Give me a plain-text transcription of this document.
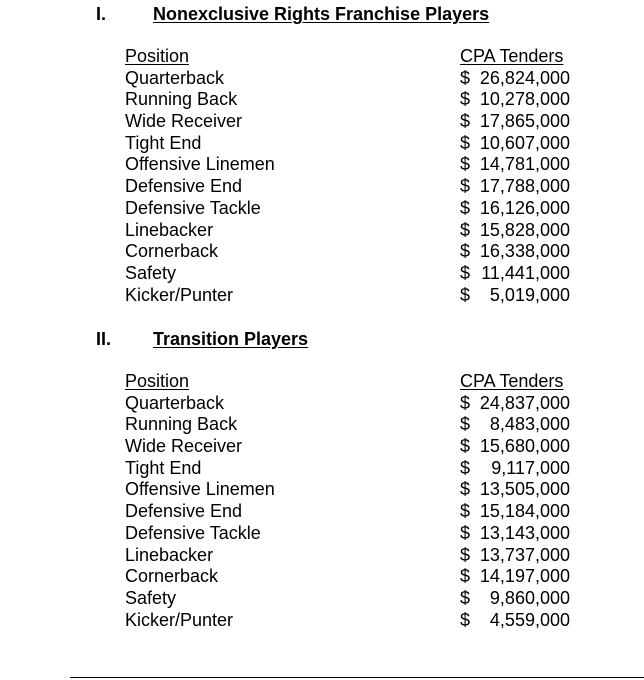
I.	Nonexclusive Rights Franchise Players
Position	CPA Tenders
Quarterback	$ 26,824,000
Running Back	$ 10,278,000
Wide Receiver	$ 17,865,000
Tight End	$ 10,607,000
Offensive Linemen	$ 14,781,000
Defensive End	$ 17,788,000
Defensive Tackle	$ 16,126,000
Linebacker	$ 15,828,000
Cornerback	$ 16,338,000
Safety	$ 11,441,000
Kicker/Punter	$ 5,019,000
II. Transition Players
Position	CPA Tenders
Quarterback	$ 24,837,000
Running Back	$ 8,483,000
Wide Receiver	$ 15,680,000
Tight End	$ 9,117,000
Offensive Linemen	$ 13,505,000
Defensive End	$ 15,184,000
Defensive Tackle	$ 13,143,000
Linebacker	$ 13,737,000
Cornerback	$ 14,197,000
Safety	$ 9,860,000
Kicker/Punter	$ 4,559,000
